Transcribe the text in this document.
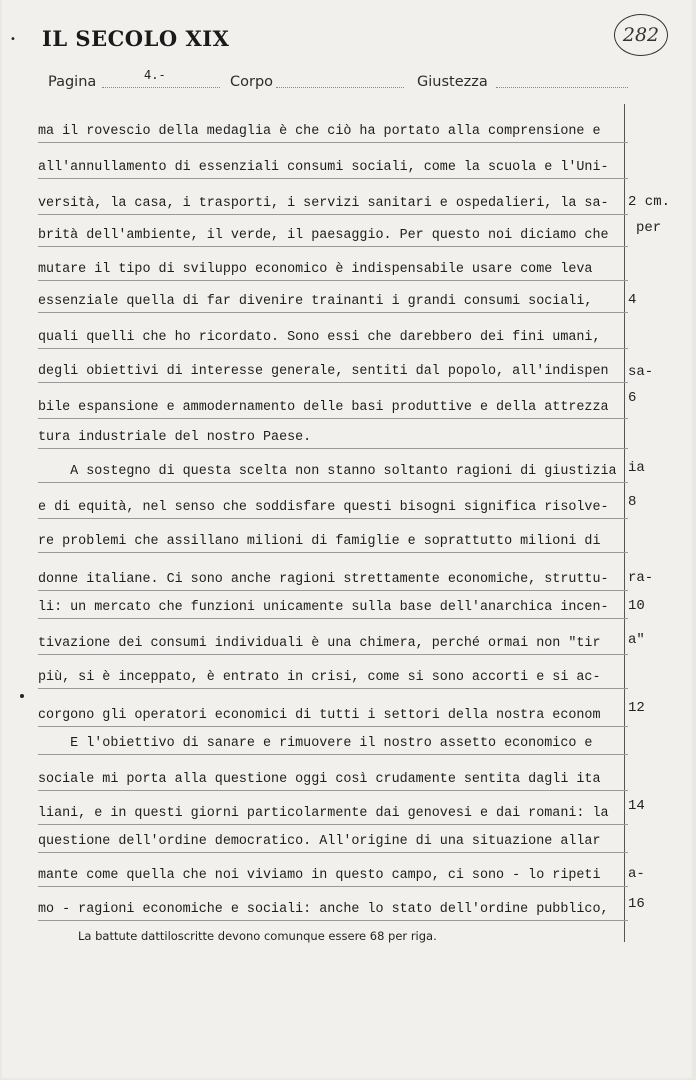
• IL SECOLO XIX	282
Pagina	4.-	Corpo	Giustezza
ma il rovescio della medaglia è che ciò ha portato alla comprensione e
all'annullamento di essenziali consumi sociali, come la scuola e l'Uni-
versità, la casa, i trasporti, i servizi sanitari e ospedalieri, la sa-
brità dell'ambiente, il verde, il paesaggio. Per questo noi diciamo che
mutare il tipo di sviluppo economico è indispensabile usare come leva
essenziale quella di far divenire trainanti i grandi consumi sociali,
quali quelli che ho ricordato. Sono essi che darebbero dei fini umani,
degli obiettivi di interesse generale, sentiti dal popolo, all'indispen
bile espansione e ammodernamento delle basi produttive e della attrezza
tura industriale del nostro Paese.
A sostegno di questa scelta non stanno soltanto ragioni di giustizia
e di equità, nel senso che soddisfare questi bisogni significa risolve-
re problemi che assillano milioni di famiglie e soprattutto milioni di
donne italiane. Ci sono anche ragioni strettamente economiche, struttu-
li: un mercato che funzioni unicamente sulla base dell'anarchica incen-
tivazione dei consumi individuali è una chimera, perché ormai non "tir
più, si è inceppato, è entrato in crisi, come si sono accorti e si ac-
corgono gli operatori economici di tutti i settori della nostra econom
E l'obiettivo di sanare e rimuovere il nostro assetto economico e
sociale mi porta alla questione oggi così crudamente sentita dagli ita
liani, e in questi giorni particolarmente dai genovesi e dai romani: la
questione dell'ordine democratico. All'origine di una situazione allar
mante come quella che noi viviamo in questo campo, ci sono - lo ripeti
mo - ragioni economiche e sociali: anche lo stato dell'ordine pubblico,
2 cm.
per
4
sa-
6
ia
8
ra-
10
a"
12
14
a-
16
La battute dattiloscritte devono comunque essere 68 per riga.
